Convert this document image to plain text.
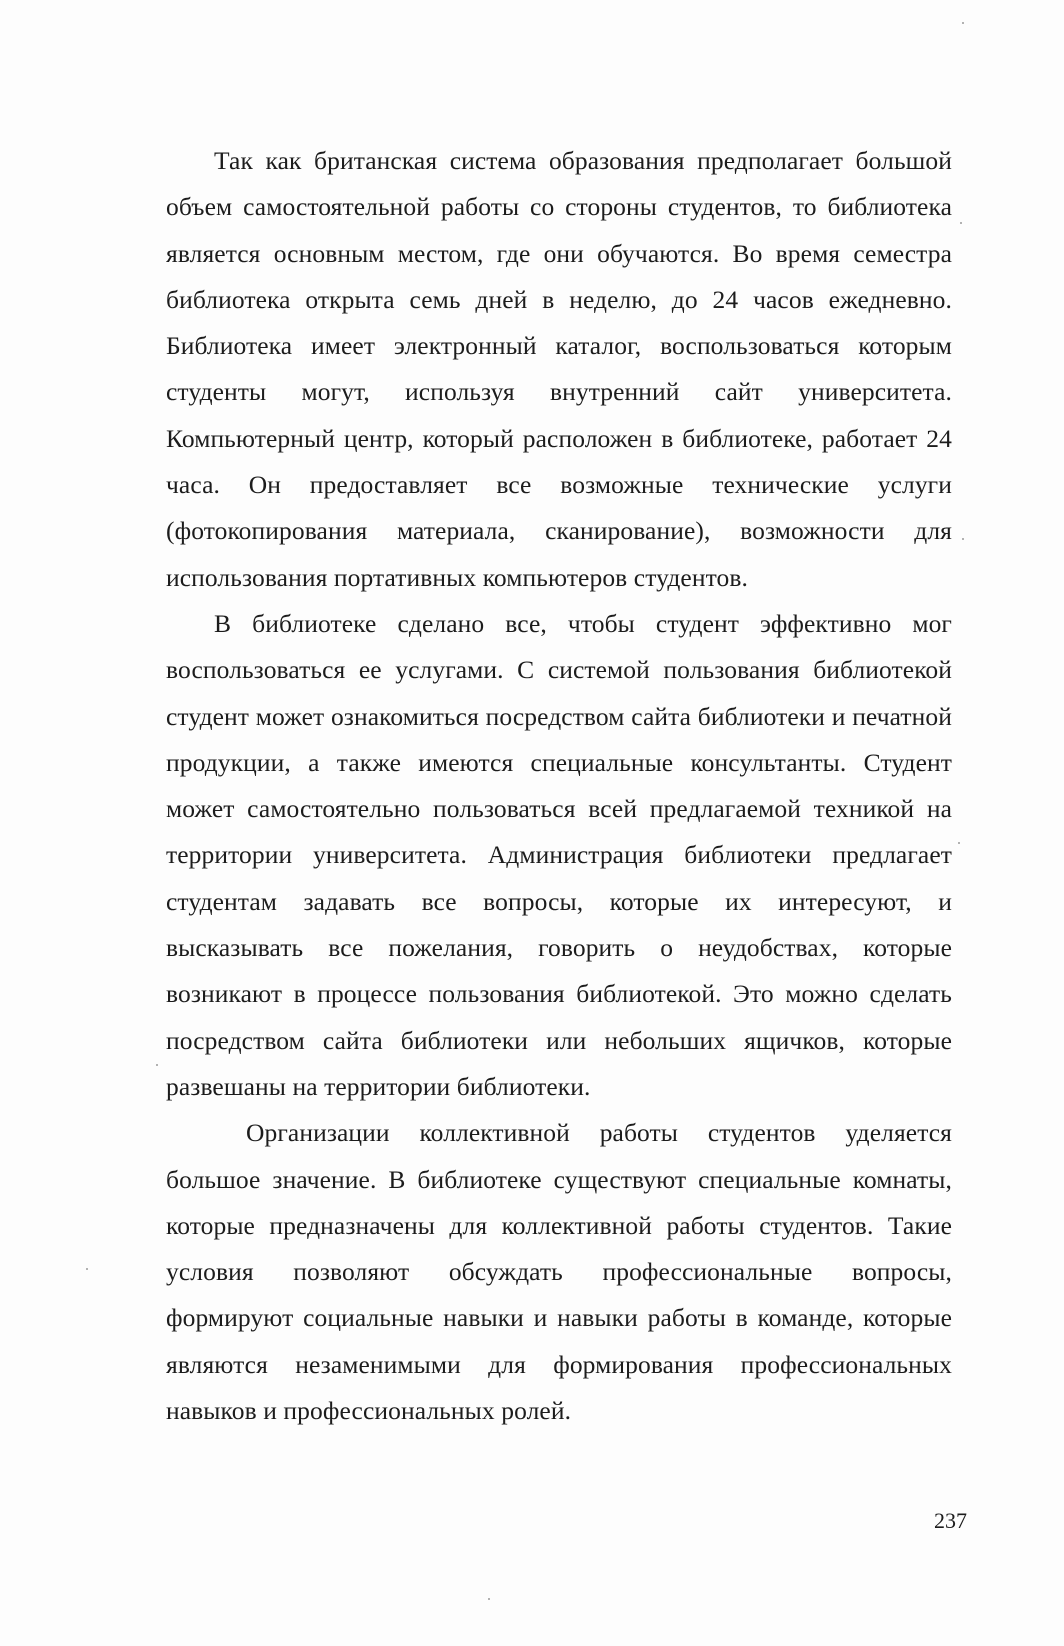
Так как британская система образования предполагает большой объем самостоятельной работы со стороны студентов, то библиотека является основным местом, где они обучаются. Во время семестра библиотека открыта семь дней в неделю, до 24 часов ежедневно. Библиотека имеет электронный каталог, воспользоваться которым студенты могут, используя внутренний сайт университета. Компьютерный центр, который расположен в библиотеке, работает 24 часа. Он предоставляет все возможные технические услуги (фотокопирования материала, сканирование), возможности для использования портативных компьютеров студентов.

В библиотеке сделано все, чтобы студент эффективно мог воспользоваться ее услугами. С системой пользования библиотекой студент может ознакомиться посредством сайта библиотеки и печатной продукции, а также имеются специальные консультанты. Студент может самостоятельно пользоваться всей предлагаемой техникой на территории университета. Администрация библиотеки предлагает студентам задавать все вопросы, которые их интересуют, и высказывать все пожелания, говорить о неудобствах, которые возникают в процессе пользования библиотекой. Это можно сделать посредством сайта библиотеки или небольших ящичков, которые развешаны на территории библиотеки.

Организации коллективной работы студентов уделяется большое значение. В библиотеке существуют специальные комнаты, которые предназначены для коллективной работы студентов. Такие условия позволяют обсуждать профессиональные вопросы, формируют социальные навыки и навыки работы в команде, которые являются незаменимыми для формирования профессиональных навыков и профессиональных ролей.

237
